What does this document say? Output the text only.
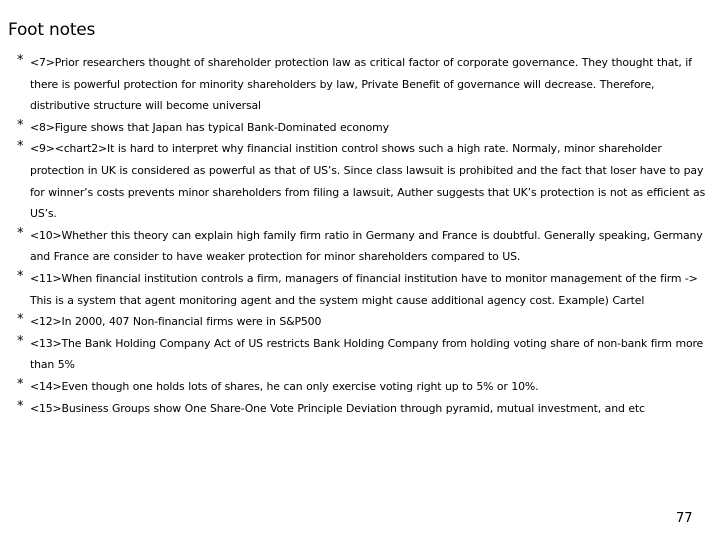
Foot notes
* <7>Prior researchers thought of shareholder protection law as critical factor of corporate governance. They thought that, if there is powerful protection for minority shareholders by law, Private Benefit of governance will decrease. Therefore, distributive structure will become universal
* <8>Figure shows that Japan has typical Bank-Dominated economy
* <9><chart2>It is hard to interpret why financial instition control shows such a high rate. Normaly, minor shareholder protection in UK is considered as powerful as that of US’s. Since class lawsuit is prohibited and the fact that loser have to pay for winner’s costs prevents minor shareholders from filing a lawsuit, Auther suggests that UK’s protection is not as efficient as US’s.
* <10>Whether this theory can explain high family firm ratio in Germany and France is doubtful. Generally speaking, Germany and France are consider to have weaker protection for minor shareholders compared to US.
* <11>When financial institution controls a firm, managers of financial institution have to monitor management of the firm -> This is a system that agent monitoring agent and the system might cause additional agency cost. Example) Cartel
* <12>In 2000, 407 Non-financial firms were in S&P500
* <13>The Bank Holding Company Act of US restricts Bank Holding Company from holding voting share of non-bank firm more than 5%
* <14>Even though one holds lots of shares, he can only exercise voting right up to 5% or 10%.
* <15>Business Groups show One Share-One Vote Principle Deviation through pyramid, mutual investment, and etc
77
